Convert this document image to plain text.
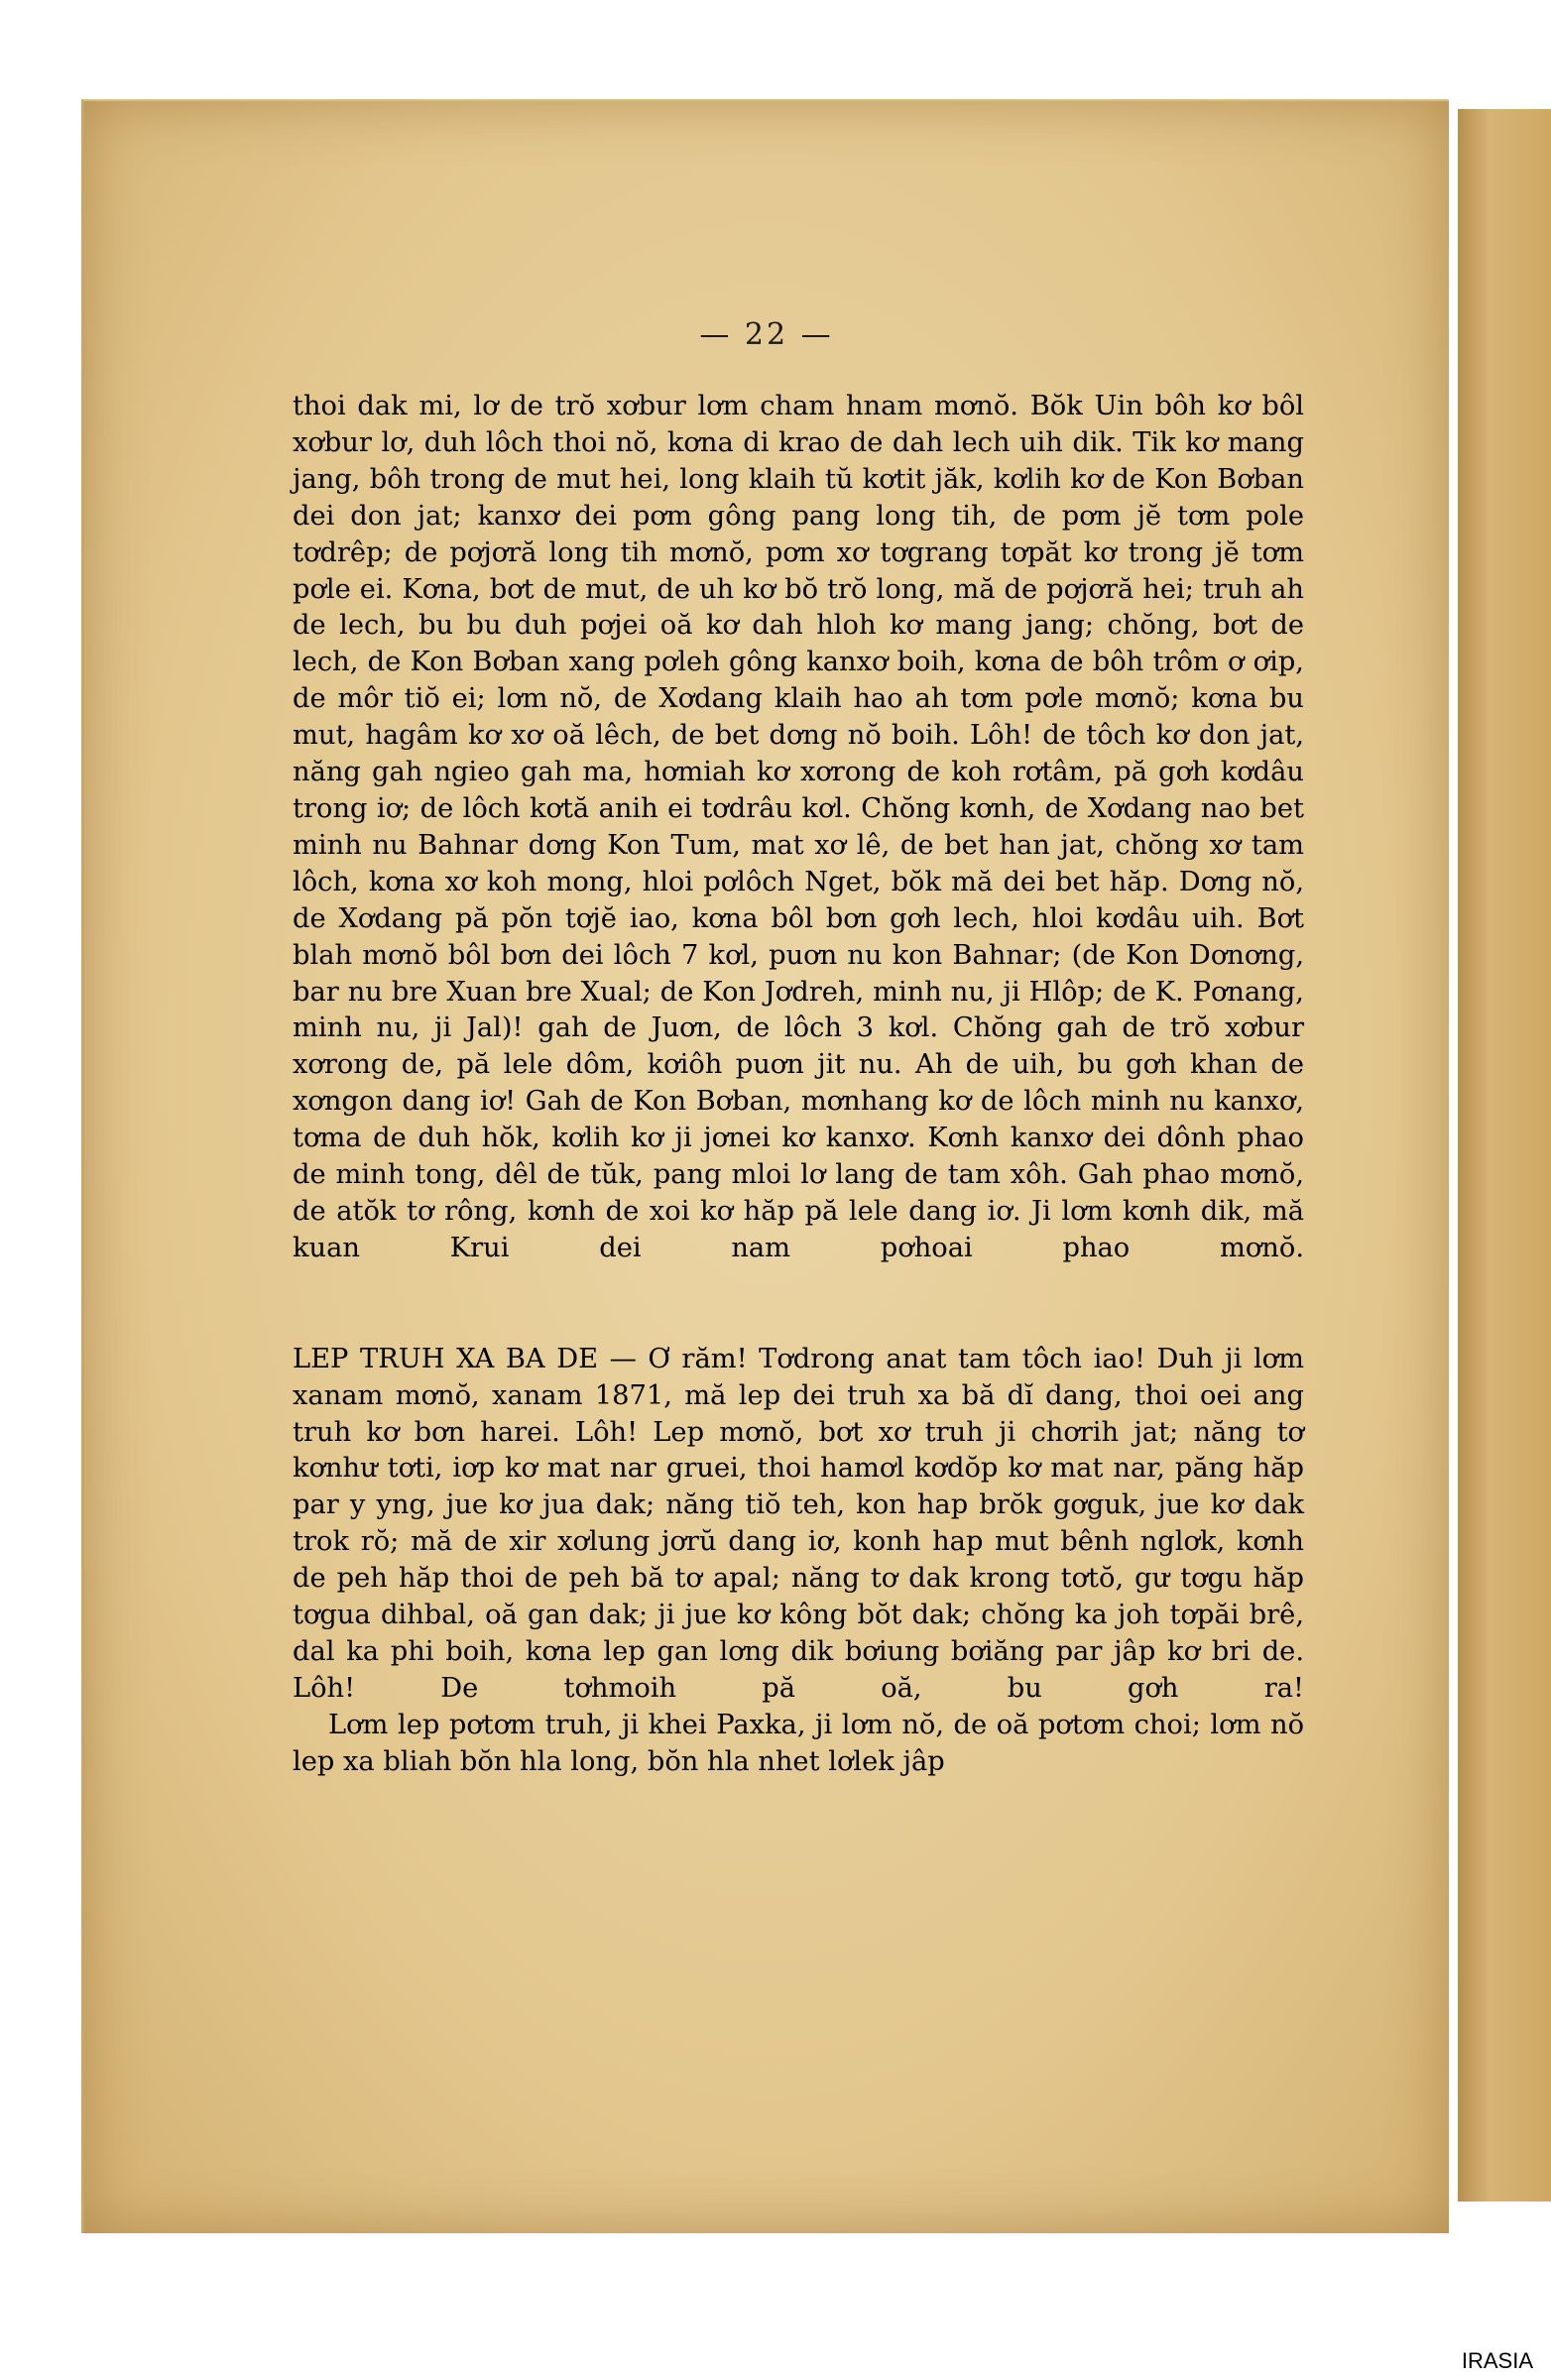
— 22 —

thoi dak mi, lơ de trŏ xơbur lơm cham hnam mơnŏ. Bŏk Uin bôh kơ bôl xơbur lơ, duh lôch thoi nŏ, kơna di krao de dah lech uih dik. Tik kơ mang jang, bôh trong de mut hei, long klaih tŭ kơtit jăk, kơlih kơ de Kon Bơban dei don jat; kanxơ dei pơm gông pang long tih, de pơm jĕ tơm pole tơdrêp; de pơjơră long tih mơnŏ, pơm xơ tơgrang tơpăt kơ trong jĕ tơm pơle ei. Kơna, bơt de mut, de uh kơ bŏ trŏ long, mă de pơjơră hei; truh ah de lech, bu bu duh pơjei oă kơ dah hloh kơ mang jang; chŏng, bơt de lech, de Kon Bơban xang pơleh gông kanxơ boih, kơna de bôh trôm ơ ơip, de môr tiŏ ei; lơm nŏ, de Xơdang klaih hao ah tơm pơle mơnŏ; kơna bu mut, hagâm kơ xơ oă lêch, de bet dơng nŏ boih. Lôh! de tôch kơ don jat, năng gah ngieo gah ma, hơmiah kơ xơrong de koh rơtâm, pă gơh kơdâu trong iơ; de lôch kơtă anih ei tơdrâu kơl. Chŏng kơnh, de Xơdang nao bet minh nu Bahnar dơng Kon Tum, mat xơ lê, de bet han jat, chŏng xơ tam lôch, kơna xơ koh mong, hloi pơlôch Nget, bŏk mă dei bet hăp. Dơng nŏ, de Xơdang pă pŏn tơjĕ iao, kơna bôl bơn gơh lech, hloi kơdâu uih. Bơt blah mơnŏ bôl bơn dei lôch 7 kơl, puơn nu kon Bahnar; (de Kon Dơnơng, bar nu bre Xuan bre Xual; de Kon Jơdreh, minh nu, ji Hlôp; de K. Pơnang, minh nu, ji Jal)! gah de Juơn, de lôch 3 kơl. Chŏng gah de trŏ xơbur xơrong de, pă lele dôm, kơiôh puơn jit nu. Ah de uih, bu gơh khan de xơngon dang iơ! Gah de Kon Bơban, mơnhang kơ de lôch minh nu kanxơ, tơma de duh hŏk, kơlih kơ ji jơnei kơ kanxơ. Kơnh kanxơ dei dônh phao de minh tong, dêl de tŭk, pang mloi lơ lang de tam xôh. Gah phao mơnŏ, de atŏk tơ rông, kơnh de xoi kơ hăp pă lele dang iơ. Ji lơm kơnh dik, mă kuan Krui dei nam pơhoai phao mơnŏ.

LEP TRUH XA BA DE — Ơ răm! Tơdrong anat tam tôch iao! Duh ji lơm xanam mơnŏ, xanam 1871, mă lep dei truh xa bă dĭ dang, thoi oei ang truh kơ bơn harei. Lôh! Lep mơnŏ, bơt xơ truh ji chơrih jat; năng tơ kơnhư tơti, iơp kơ mat nar gruei, thoi hamơl kơdŏp kơ mat nar, păng hăp par y yng, jue kơ jua dak; năng tiŏ teh, kon hap brŏk gơguk, jue kơ dak trok rŏ; mă de xir xơlung jơrŭ dang iơ, konh hap mut bênh nglơk, kơnh de peh hăp thoi de peh bă tơ apal; năng tơ dak krong tơtŏ, gư tơgu hăp tơgua dihbal, oă gan dak; ji jue kơ kông bŏt dak; chŏng ka joh tơpăi brê, dal ka phi boih, kơna lep gan lơng dik bơiung bơiăng par jâp kơ bri de. Lôh! De tơhmoih pă oă, bu gơh ra!

Lơm lep pơtơm truh, ji khei Paxka, ji lơm nŏ, de oă pơtơm choi; lơm nŏ lep xa bliah bŏn hla long, bŏn hla nhet lơlek jâp

IRASIA
